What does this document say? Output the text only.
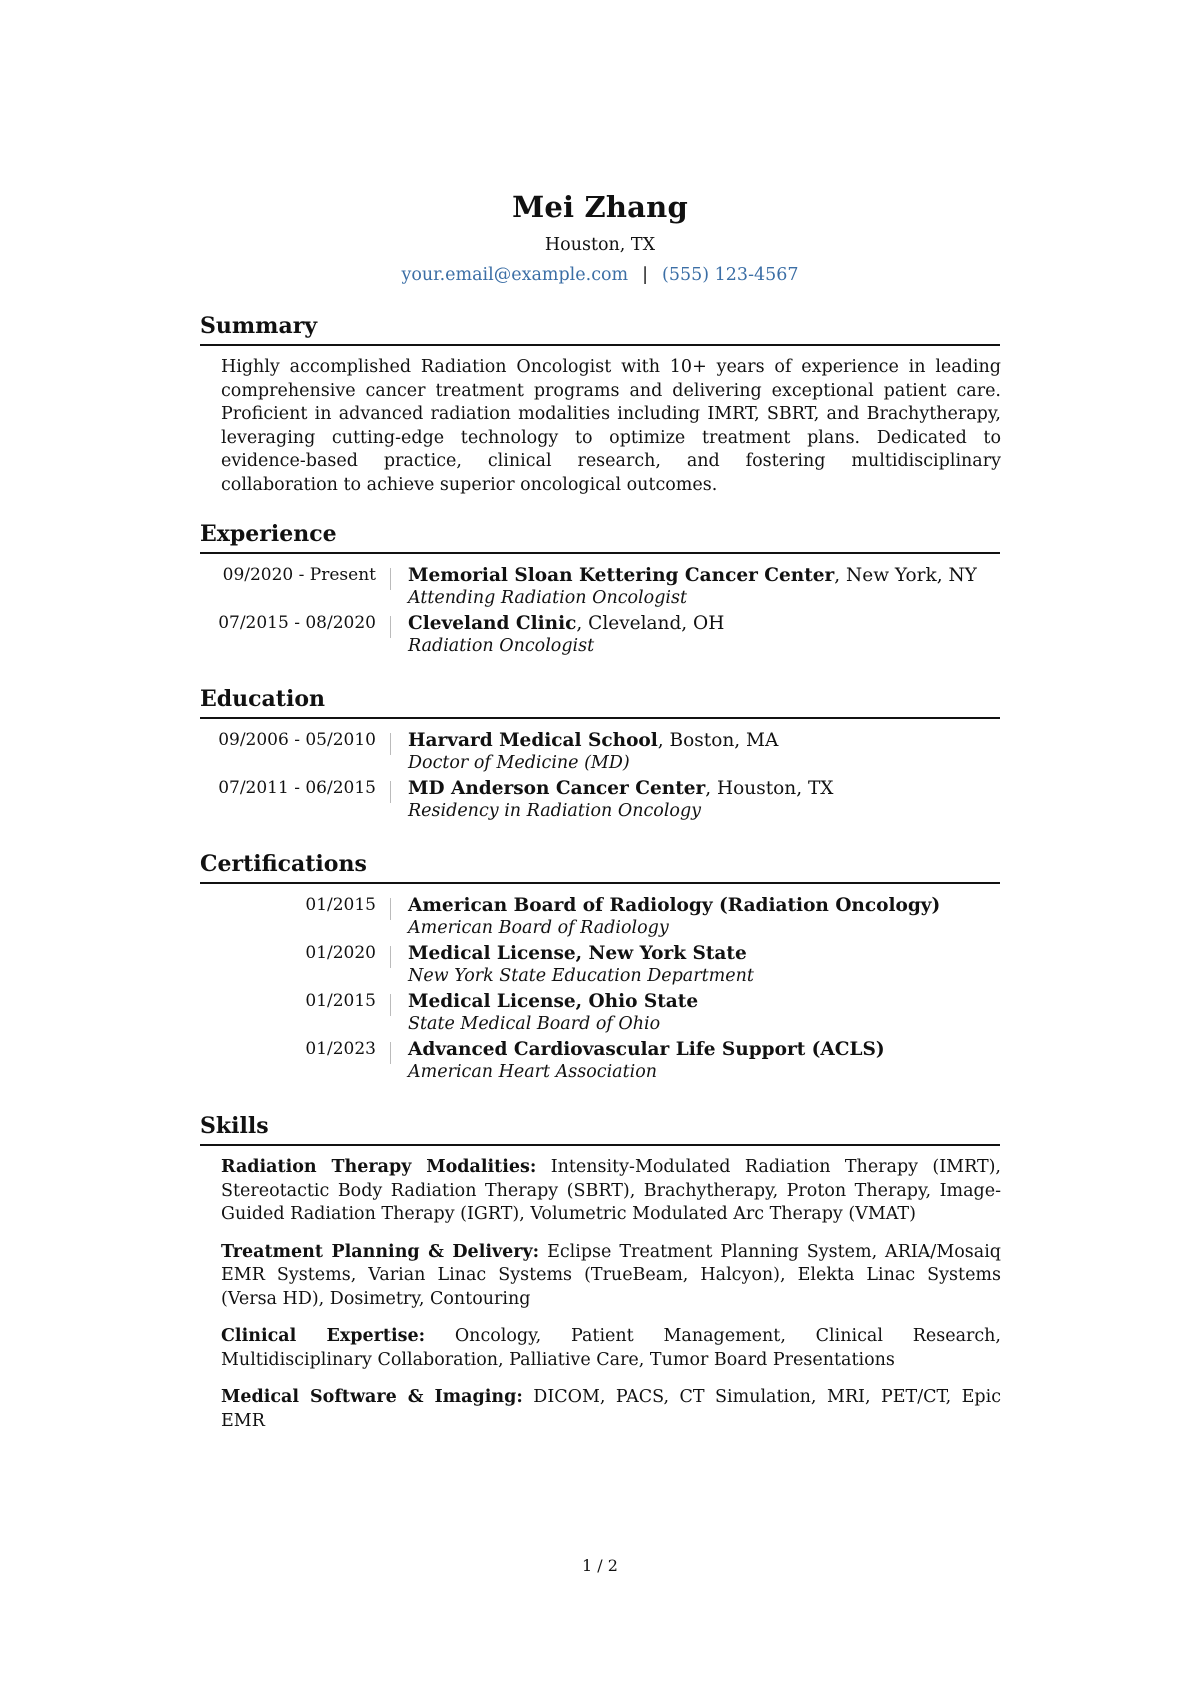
Mei Zhang
Houston, TX
your.email@example.com | (555) 123-4567
Summary
Highly accomplished Radiation Oncologist with 10+ years of experience in leading comprehensive cancer treatment programs and delivering exceptional patient care. Proficient in advanced radiation modalities including IMRT, SBRT, and Brachytherapy, leveraging cutting-edge technology to optimize treatment plans. Dedicated to evidence-based practice, clinical research, and fostering multidisciplinary collaboration to achieve superior oncological outcomes.
Experience
09/2020 - Present Memorial Sloan Kettering Cancer Center, New York, NY
Attending Radiation Oncologist
07/2015 - 08/2020 Cleveland Clinic, Cleveland, OH
Radiation Oncologist
Education
09/2006 - 05/2010 Harvard Medical School, Boston, MA
Doctor of Medicine (MD)
07/2011 - 06/2015 MD Anderson Cancer Center, Houston, TX
Residency in Radiation Oncology
Certifications
01/2015 American Board of Radiology (Radiation Oncology)
American Board of Radiology
01/2020 Medical License, New York State
New York State Education Department
01/2015 Medical License, Ohio State
State Medical Board of Ohio
01/2023 Advanced Cardiovascular Life Support (ACLS)
American Heart Association
Skills
Radiation Therapy Modalities: Intensity-Modulated Radiation Therapy (IMRT), Stereotactic Body Radiation Therapy (SBRT), Brachytherapy, Proton Therapy, Image-Guided Radiation Therapy (IGRT), Volumetric Modulated Arc Therapy (VMAT)
Treatment Planning & Delivery: Eclipse Treatment Planning System, ARIA/Mosaiq EMR Systems, Varian Linac Systems (TrueBeam, Halcyon), Elekta Linac Systems (Versa HD), Dosimetry, Contouring
Clinical Expertise: Oncology, Patient Management, Clinical Research, Multidisciplinary Collaboration, Palliative Care, Tumor Board Presentations
Medical Software & Imaging: DICOM, PACS, CT Simulation, MRI, PET/CT, Epic EMR
1 / 2
